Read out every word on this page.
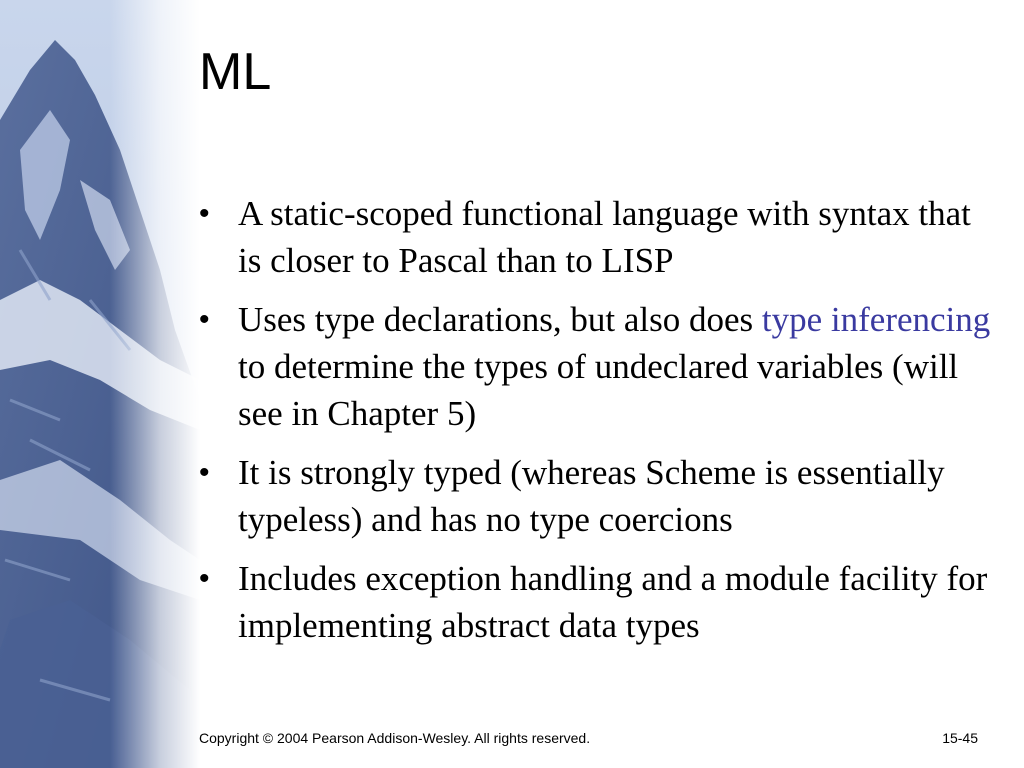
ML
• A static-scoped functional language with syntax that is closer to Pascal than to LISP
• Uses type declarations, but also does type inferencing to determine the types of undeclared variables (will see in Chapter 5)
• It is strongly typed (whereas Scheme is essentially typeless) and has no type coercions
• Includes exception handling and a module facility for implementing abstract data types
Copyright © 2004 Pearson Addison-Wesley. All rights reserved.	15-45
